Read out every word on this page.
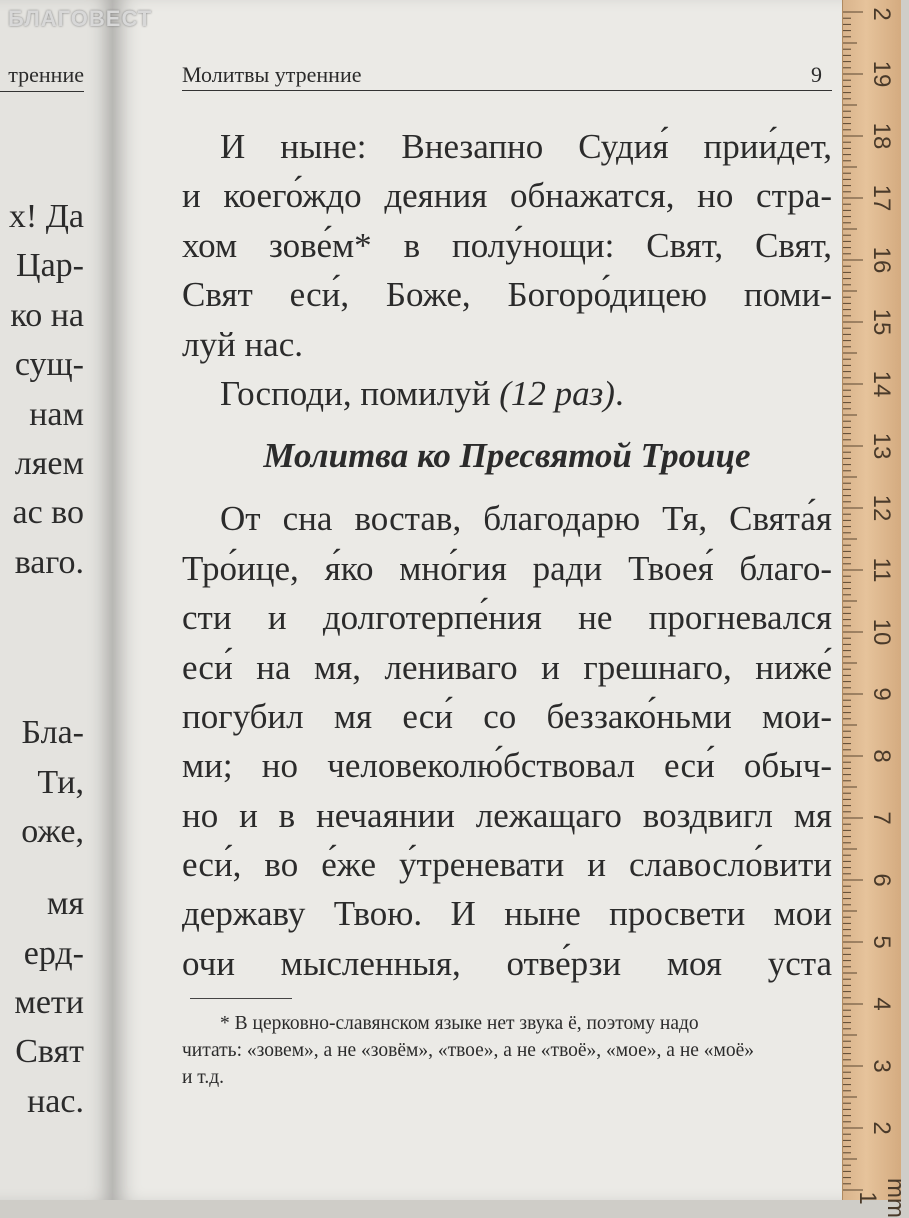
БЛАГОВЕСТ
тренние
х! Да
Цар-
ко на
сущ-
нам
ляем
ас во
ваго.
Бла-
Ти,
оже,
мя
ерд-
мети
Свят
нас.
Молитвы утренние	9
И ныне: Внезапно Судия́ прии́дет,
и коего́ждо деяния обнажатся, но стра-
хом зове́м* в полу́нощи: Свят, Свят,
Свят еси́, Боже, Богоро́дицею поми-
луй нас.
Господи, помилуй (12 раз).
Молитва ко Пресвятой Троице
От сна востав, благодарю Тя, Свята́я
Тро́ице, я́ко мно́гия ради Твоея́ благо-
сти и долготерпе́ния не прогневался
еси́ на мя, лениваго и грешнаго, ниже́
погубил мя еси́ со беззако́ньми мои-
ми; но человеколю́бствовал еси́ обыч-
но и в нечаянии лежащаго воздвигл мя
еси́, во е́же у́треневати и славосло́вити
державу Твою. И ныне просвети мои
очи мысленныя, отве́рзи моя уста
* В церковно-славянском языке нет звука ё, поэтому надо
читать: «зовем», а не «зовём», «твое», а не «твоё», «мое», а не «моё»
и т.д.
2
19
18
17
16
15
14
13
12
11
10
9
8
7
6
5
4
3
2
mm 1
